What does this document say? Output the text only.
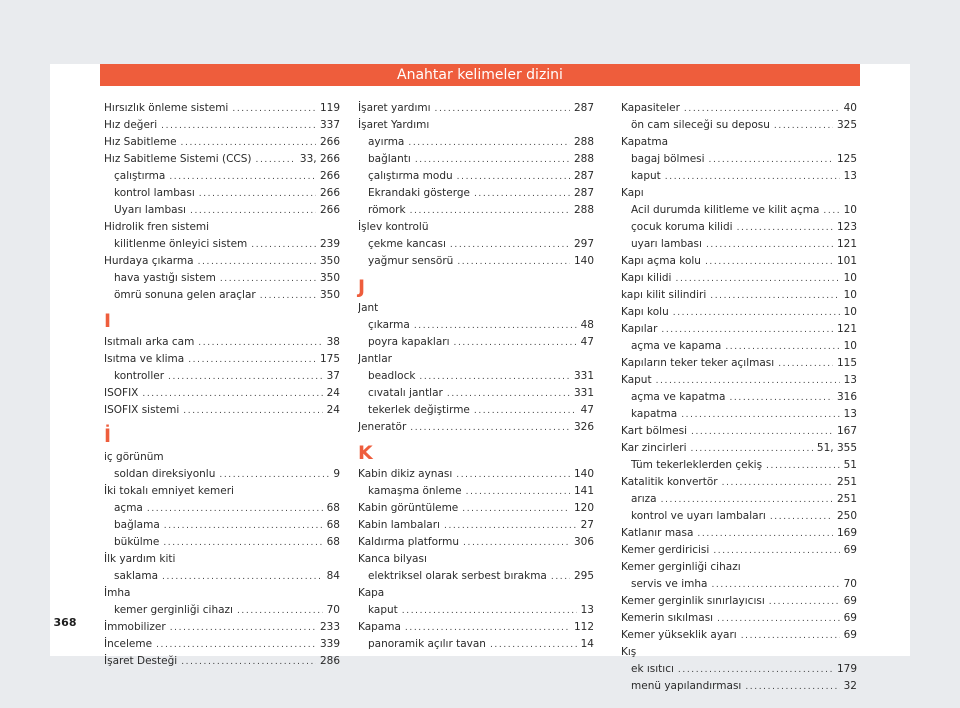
Anahtar kelimeler dizini
Hırsızlık önleme sistemi .....	119
Hız değeri .....	337
Hız Sabitleme .....	266
Hız Sabitleme Sistemi (CCS) .....	33, 266
çalıştırma .....	266
kontrol lambası .....	266
Uyarı lambası .....	266
Hidrolik fren sistemi
kilitlenme önleyici sistem .....	239
Hurdaya çıkarma .....	350
hava yastığı sistem .....	350
ömrü sonuna gelen araçlar .....	350
I
Isıtmalı arka cam .....	38
Isıtma ve klima .....	175
kontroller .....	37
ISOFIX .....	24
ISOFIX sistemi .....	24
İ
iç görünüm
soldan direksiyonlu .....	9
İki tokalı emniyet kemeri
açma .....	68
bağlama .....	68
bükülme .....	68
İlk yardım kiti
saklama .....	84
İmha
kemer gerginliği cihazı .....	70
İmmobilizer .....	233
İnceleme .....	339
İşaret Desteği .....	286
İşaret yardımı .....	287
İşaret Yardımı
ayırma .....	288
bağlantı .....	288
çalıştırma modu .....	287
Ekrandaki gösterge .....	287
römork .....	288
İşlev kontrolü
çekme kancası .....	297
yağmur sensörü .....	140
J
Jant
çıkarma .....	48
poyra kapakları .....	47
Jantlar
beadlock .....	331
cıvatalı jantlar .....	331
tekerlek değiştirme .....	47
Jeneratör .....	326
K
Kabin dikiz aynası .....	140
kamaşma önleme .....	141
Kabin görüntüleme .....	120
Kabin lambaları .....	27
Kaldırma platformu .....	306
Kanca bilyası
elektriksel olarak serbest bırakma .....	295
Kapa
kaput .....	13
Kapama .....	112
panoramik açılır tavan .....	14
Kapasiteler .....	40
ön cam sileceği su deposu .....	325
Kapatma
bagaj bölmesi .....	125
kaput .....	13
Kapı
Acil durumda kilitleme ve kilit açma ..... 10
çocuk koruma kilidi .....	123
uyarı lambası .....	121
Kapı açma kolu .....	101
Kapı kilidi .....	10
kapı kilit silindiri .....	10
Kapı kolu .....	10
Kapılar .....	121
açma ve kapama .....	10
Kapıların teker teker açılması .....	115
Kaput .....	13
açma ve kapatma .....	316
kapatma .....	13
Kart bölmesi .....	167
Kar zincirleri .....	51, 355
Tüm tekerleklerden çekiş .....	51
Katalitik konvertör .....	251
arıza .....	251
kontrol ve uyarı lambaları .....	250
Katlanır masa .....	169
Kemer gerdiricisi .....	69
Kemer gerginliği cihazı
servis ve imha .....	70
Kemer gerginlik sınırlayıcısı .....	69
Kemerin sıkılması .....	69
Kemer yükseklik ayarı .....	69
Kış
ek ısıtıcı .....	179
menü yapılandırması .....	32
368
